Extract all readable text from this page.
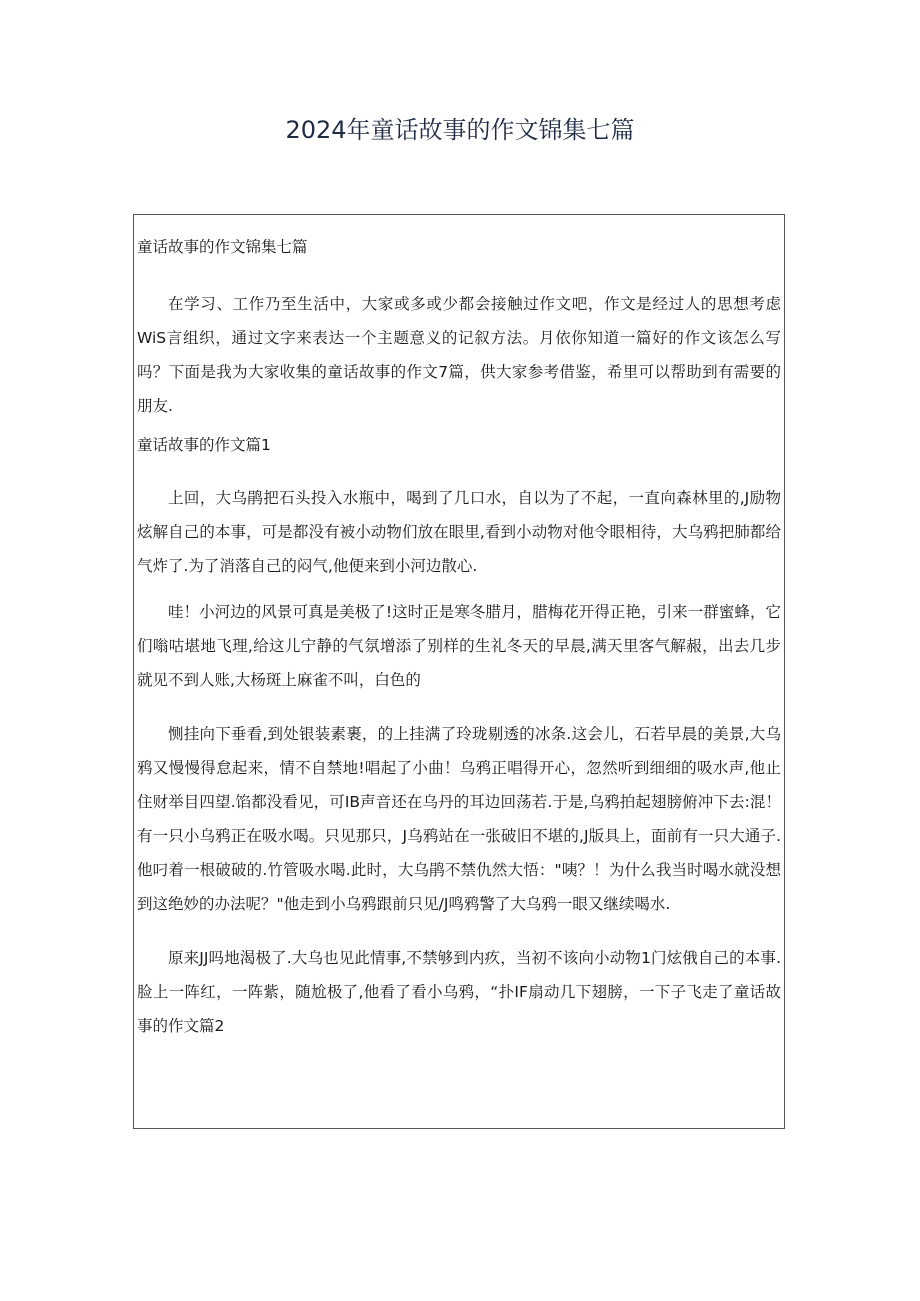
2024年童话故事的作文锦集七篇
童话故事的作文锦集七篇

在学习、工作乃至生活中，大家或多或少都会接触过作文吧，作文是经过人的思想考虑WiS言组织，通过文字来表达一个主题意义的记叙方法。月依你知道一篇好的作文该怎么写吗？下面是我为大家收集的童话故事的作文7篇，供大家参考借鉴，希里可以帮助到有需要的朋友.

童话故事的作文篇1

上回，大乌鹃把石头投入水瓶中，喝到了几口水，自以为了不起，一直向森林里的,J励物炫解自己的本事，可是都没有被小动物们放在眼里,看到小动物对他令眼相待，大乌鸦把肺都给气炸了.为了消落自己的闷气,他便来到小河边散心.

哇！小河边的风景可真是美极了!这时正是寒冬腊月，腊梅花开得正艳，引来一群蜜蜂，它们嗡咕堪地飞理,给这儿宁静的气氛增添了别样的生礼冬天的早晨,满天里客气解赧，出去几步就见不到人账,大杨斑上麻雀不叫，白色的

恻挂向下垂看,到处银装素裹，的上挂满了玲珑剔透的冰条.这会儿，石若早晨的美景,大乌鸦又慢慢得怠起来，情不自禁地!唱起了小曲！乌鸦正唱得开心，忽然听到细细的吸水声,他止住财举目四望.馅都没看见，可IB声音还在乌丹的耳边回荡若.于是,乌鸦拍起翅膀俯冲下去:混！有一只小乌鸦正在吸水喝。只见那只，J乌鸦站在一张破旧不堪的,J版具上，面前有一只大通子.他叼着一根破破的.竹管吸水喝.此时，大乌鹃不禁仇然大悟："咦？！为什么我当时喝水就没想到这绝妙的办法呢？"他走到小乌鸦跟前只见/J鸣鸦警了大乌鸦一眼又继续喝水.

原来JJ吗地渴极了.大乌也见此情事,不禁够到内疚，当初不该向小动物1门炫俄自己的本事.脸上一阵红，一阵紫，随尬极了,他看了看小乌鸦，“扑IF扇动几下翅膀，一下子飞走了童话故事的作文篇2
